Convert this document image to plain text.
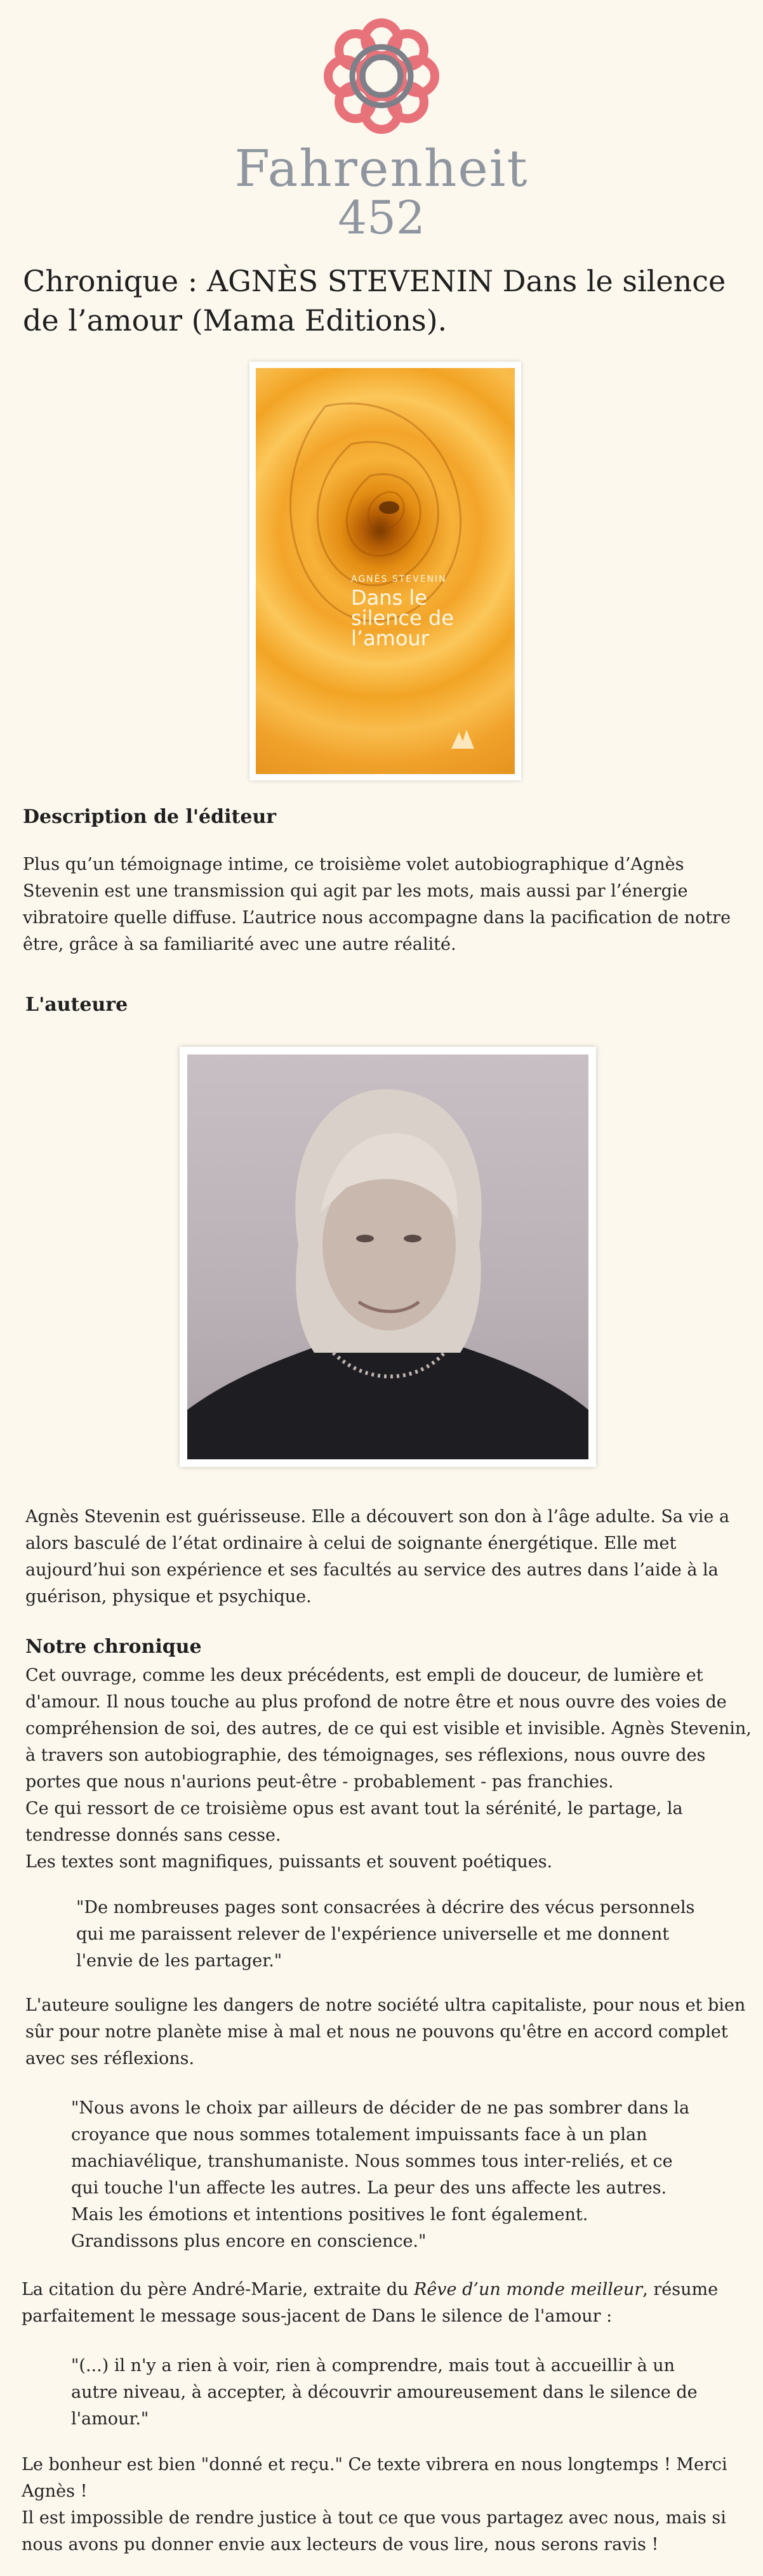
Fahrenheit
452
Chronique : AGNÈS STEVENIN Dans le silence de l’amour (Mama Editions).
AGNÈS STEVENIN
Dans le silence de l’amour
Description de l'éditeur

Plus qu’un témoignage intime, ce troisième volet autobiographique d’Agnès Stevenin est une transmission qui agit par les mots, mais aussi par l’énergie vibratoire quelle diffuse. L’autrice nous accompagne dans la pacification de notre être, grâce à sa familiarité avec une autre réalité.

L'auteure

Agnès Stevenin est guérisseuse. Elle a découvert son don à l’âge adulte. Sa vie a alors basculé de l’état ordinaire à celui de soignante énergétique. Elle met aujourd’hui son expérience et ses facultés au service des autres dans l’aide à la guérison, physique et psychique.

Notre chronique

Cet ouvrage, comme les deux précédents, est empli de douceur, de lumière et d'amour. Il nous touche au plus profond de notre être et nous ouvre des voies de compréhension de soi, des autres, de ce qui est visible et invisible. Agnès Stevenin, à travers son autobiographie, des témoignages, ses réflexions, nous ouvre des portes que nous n'aurions peut-être - probablement - pas franchies.

Ce qui ressort de ce troisième opus est avant tout la sérénité, le partage, la tendresse donnés sans cesse.

Les textes sont magnifiques, puissants et souvent poétiques.

"De nombreuses pages sont consacrées à décrire des vécus personnels qui me paraissent relever de l'expérience universelle et me donnent l'envie de les partager."

L'auteure souligne les dangers de notre société ultra capitaliste, pour nous et bien sûr pour notre planète mise à mal et nous ne pouvons qu'être en accord complet avec ses réflexions.

"Nous avons le choix par ailleurs de décider de ne pas sombrer dans la croyance que nous sommes totalement impuissants face à un plan machiavélique, transhumaniste. Nous sommes tous inter-reliés, et ce qui touche l'un affecte les autres. La peur des uns affecte les autres.
Mais les émotions et intentions positives le font également. Grandissons plus encore en conscience."

La citation du père André-Marie, extraite du Rêve d’un monde meilleur, résume parfaitement le message sous-jacent de Dans le silence de l'amour :

"(...) il n'y a rien à voir, rien à comprendre, mais tout à accueillir à un autre niveau, à accepter, à découvrir amoureusement dans le silence de l'amour."

Le bonheur est bien "donné et reçu." Ce texte vibrera en nous longtemps ! Merci Agnès !

Il est impossible de rendre justice à tout ce que vous partagez avec nous, mais si nous avons pu donner envie aux lecteurs de vous lire, nous serons ravis !
